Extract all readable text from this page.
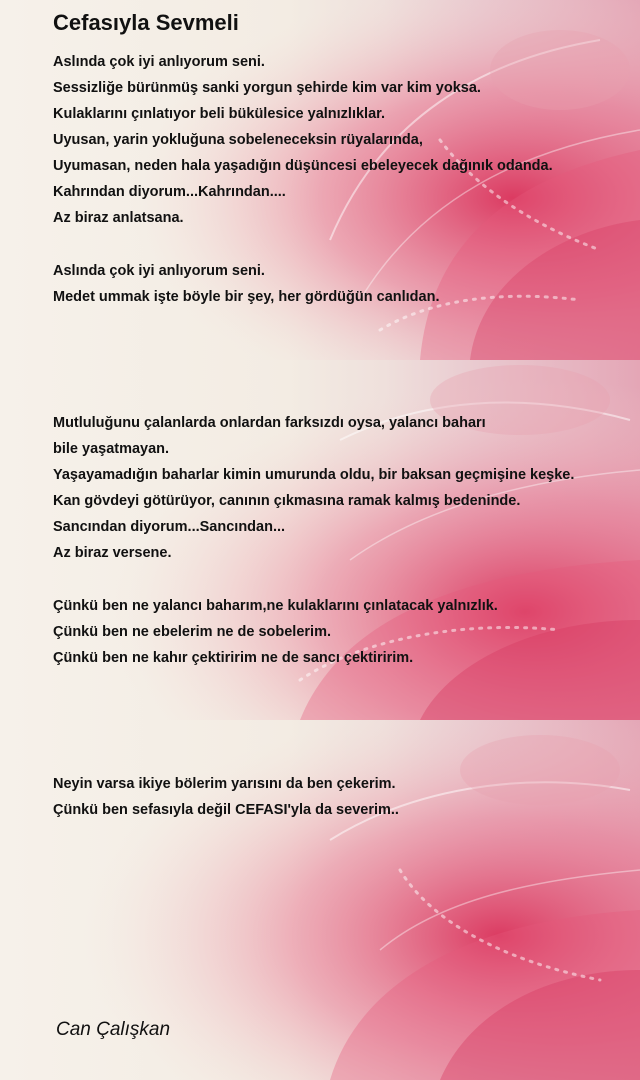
Cefasıyla Sevmeli
Aslında çok iyi anlıyorum seni.
Sessizliğe bürünmüş sanki yorgun şehirde kim var kim yoksa.
Kulaklarını çınlatıyor beli bükülesice yalnızlıklar.
Uyusan, yarin yokluğuna sobeleneceksin rüyalarında,
Uyumasan, neden hala yaşadığın düşüncesi ebeleyecek dağınık odanda.
Kahrından diyorum...Kahrından....
Az biraz anlatsana.
Aslında çok iyi anlıyorum seni.
Medet ummak işte böyle bir şey, her gördüğün canlıdan.
Mutluluğunu çalanlarda onlardan farksızdı oysa, yalancı baharı
bile yaşatmayan.
Yaşayamadığın baharlar kimin umurunda oldu, bir baksan geçmişine keşke.
Kan gövdeyi götürüyor, canının çıkmasına ramak kalmış bedeninde.
Sancından diyorum...Sancından...
Az biraz versene.
Çünkü ben ne yalancı baharım,ne kulaklarını çınlatacak yalnızlık.
Çünkü ben ne ebelerim ne de sobelerim.
Çünkü ben ne kahır çektiririm ne de sancı çektiririm.
Neyin varsa ikiye bölerim yarısını da ben çekerim.
Çünkü ben sefasıyla değil CEFASI'yla da severim..
Can Çalışkan
